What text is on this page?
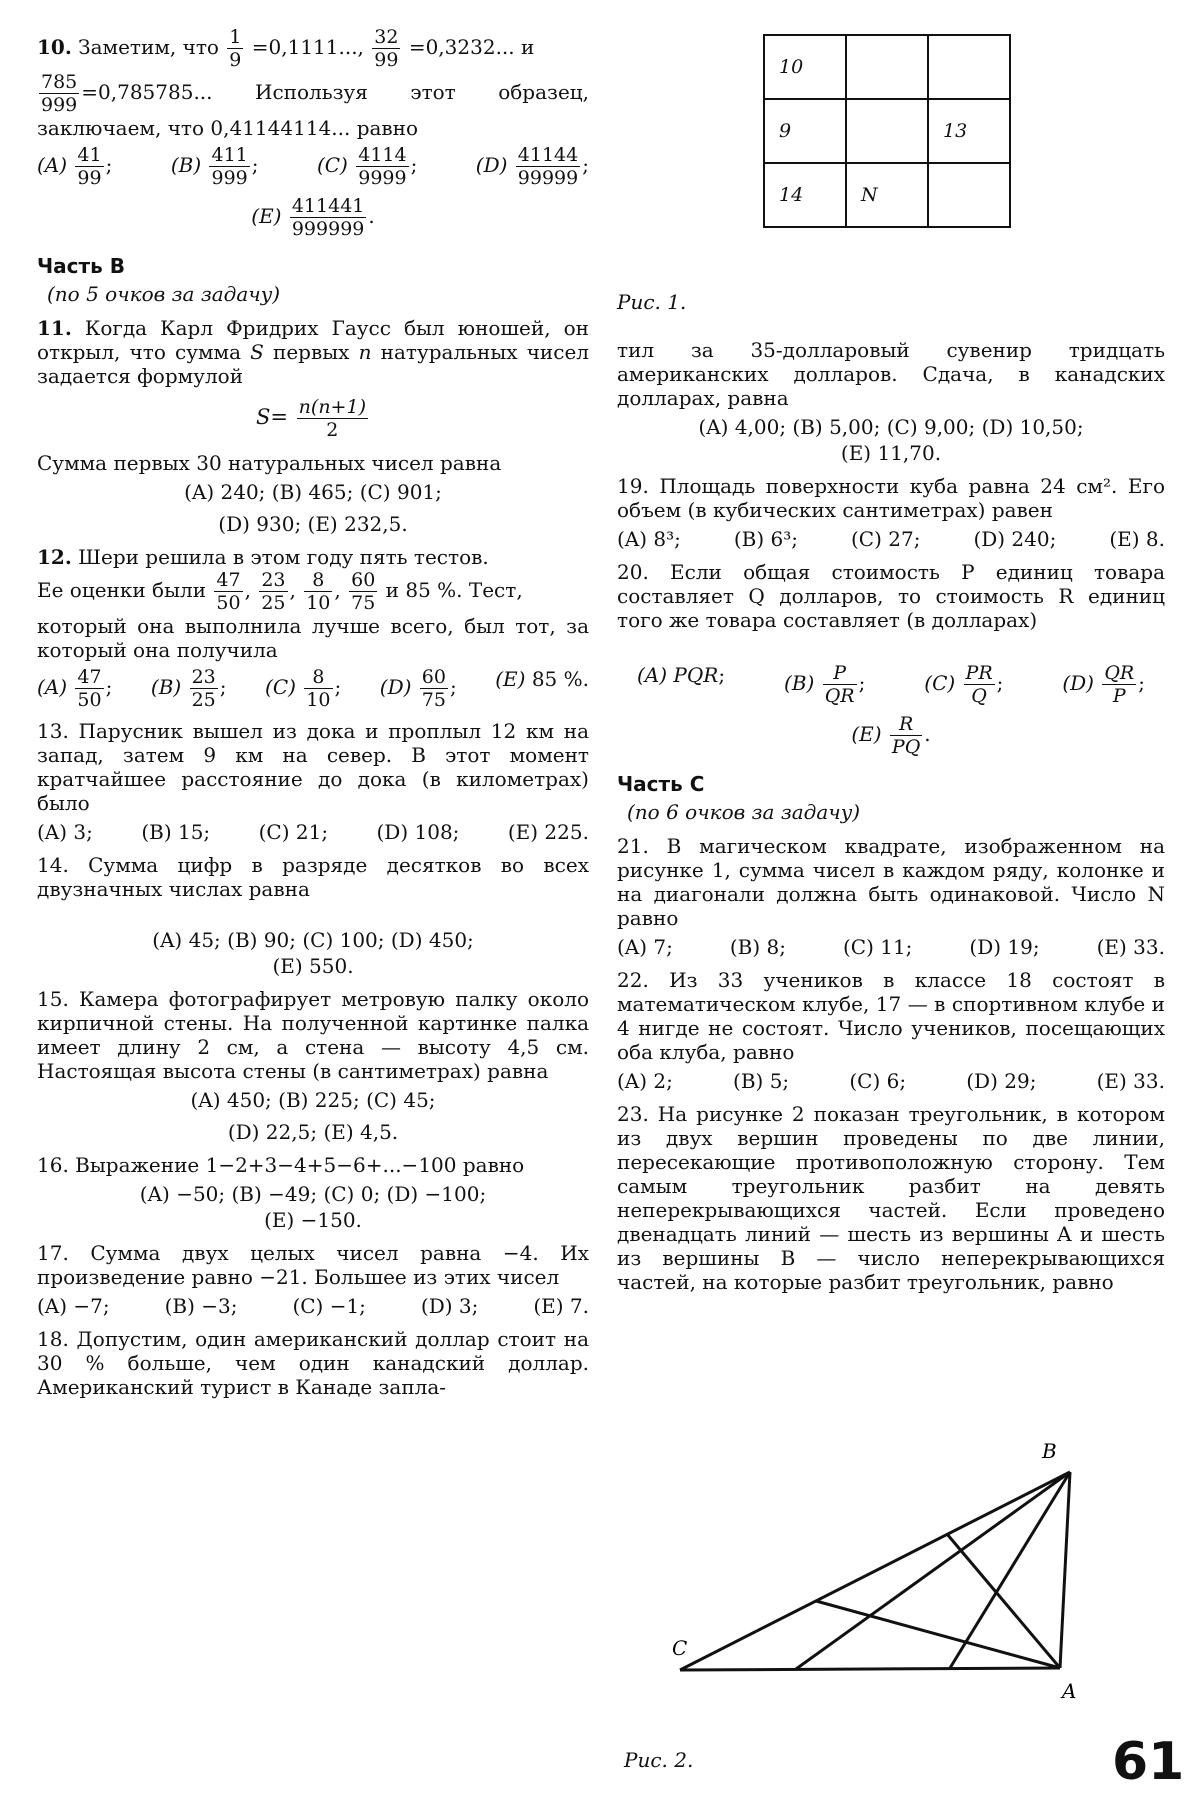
10. Заметим, что $\frac{1}{9} =0,1111$..., $\frac{32}{99} =0,3232$... и

$\frac{785}{999} =0,785785$... Используя этот образец, заключаем, что 0,41144114... равно

$(A) \frac{41}{99}$ ;	$(B) \frac{411}{999}$ ;	$(C) \frac{4114}{9999}$ ;	$(D) \frac{41144}{99999}$ ;
$(E) \frac{411441}{999999}$ .
Часть В
(по 5 очков за задачу)

11. Когда Карл Фридрих Гаусс был юношей, он открыл, что сумма S первых n натуральных чисел задается формулой

$S= \frac{n(n+1)}{2}$

Сумма первых 30 натуральных чисел равна

(A) 240; (B) 465; (C) 901;
(D) 930; (E) 232,5.

12. Шери решила в этом году пять тестов.

Ее оценки были $\frac{47}{50}$ , $\frac{23}{25}$ , $\frac{8}{10}$ , $\frac{60}{75}$ и 85 %. Тест,

который она выполнила лучше всего, был тот, за который она получила

$(A) \frac{47}{50}$ ; $(B) \frac{23}{25}$ ; $(C) \frac{8}{10}$ ; $(D) \frac{60}{75}$ ; (E) 85 %.

13. Парусник вышел из дока и проплыл 12 км на запад, затем 9 км на север. В этот момент кратчайшее расстояние до дока (в километрах) было

(A) 3; (B) 15; (C) 21; (D) 108; (E) 225.

14. Сумма цифр в разряде десятков во всех двузначных числах равна

(A) 45; (B) 90; (C) 100; (D) 450;
(E) 550.

15. Камера фотографирует метровую палку около кирпичной стены. На полученной картинке палка имеет длину 2 см, а стена — высоту 4,5 см. Настоящая высота стены (в сантиметрах) равна

(A) 450; (B) 225; (C) 45;
(D) 22,5; (E) 4,5.

16. Выражение 1−2+3−4+5−6+...−100 равно

(A) −50; (B) −49; (C) 0; (D) −100;
(E) −150.

17. Сумма двух целых чисел равна −4. Их произведение равно −21. Большее из этих чисел

(A) −7;	(B) −3;	(C) −1;	(D) 3;	(E) 7.

18. Допустим, один американский доллар стоит на 30 % больше, чем один канадский доллар. Американский турист в Канаде запла-

10		
9		13
14	N	
Рис. 1.

тил за 35-долларовый сувенир тридцать американских долларов. Сдача, в канадских долларах, равна

(A) 4,00; (B) 5,00; (C) 9,00; (D) 10,50;
(E) 11,70.

19. Площадь поверхности куба равна 24 см². Его объем (в кубических сантиметрах) равен

(A) 8³;	(B) 6³;	(C) 27;	(D) 240;	(E) 8.

20. Если общая стоимость P единиц товара составляет Q долларов, то стоимость R единиц того же товара составляет (в долларах)

(A) PQR;	$(B) \frac{P}{QR}$ ;	$(C) \frac{PR}{Q}$ ;	$(D) \frac{QR}{P}$ ;
$(E) \frac{R}{PQ}$ .
Часть С
(по 6 очков за задачу)

21. В магическом квадрате, изображенном на рисунке 1, сумма чисел в каждом ряду, колонке и на диагонали должна быть одинаковой. Число N равно

(A) 7;	(B) 8;	(C) 11;	(D) 19;	(E) 33.

22. Из 33 учеников в классе 18 состоят в математическом клубе, 17 — в спортивном клубе и 4 нигде не состоят. Число учеников, посещающих оба клуба, равно

(A) 2;	(B) 5;	(C) 6;	(D) 29;	(E) 33.

23. На рисунке 2 показан треугольник, в котором из двух вершин проведены по две линии, пересекающие противоположную сторону. Тем самым треугольник разбит на девять неперекрывающихся частей. Если проведено двенадцать линий — шесть из вершины A и шесть из вершины B — число неперекрывающихся частей, на которые разбит треугольник, равно

B
C
A
Рис. 2.	61
